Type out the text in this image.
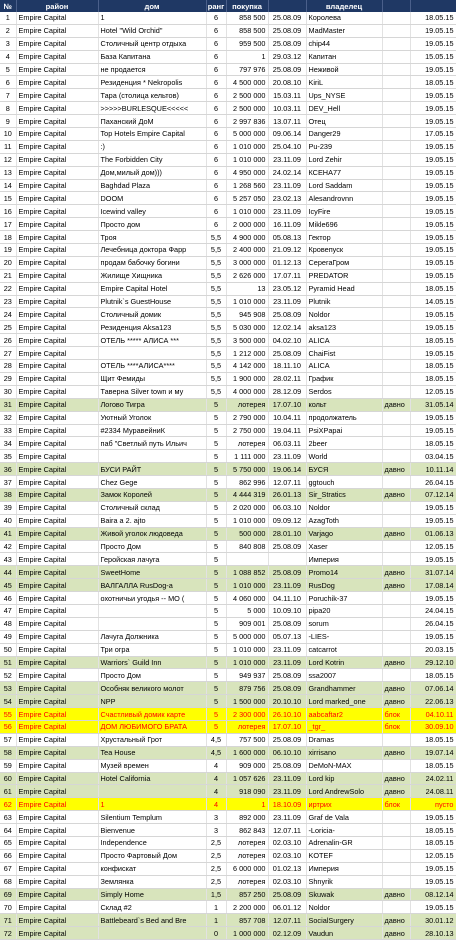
№	район	дом	ранг	покупка		владелец		
1	Empire Capital	1	6	858 500	25.08.09	Королева		18.05.15
2	Empire Capital	Hotel "Wild Orchid"	6	858 500	25.08.09	MadMaster		19.05.15
3	Empire Capital	Столичный центр отдыха	6	959 500	25.08.09	chip44		19.05.15
4	Empire Capital	База Капитана	6	1	29.03.12	Капитан		15.05.15
5	Empire Capital	не продается	6	797 976	25.08.09	Неживой		19.05.15
6	Empire Capital	Резиденция * Nekropolis	6	4 500 000	20.08.10	KiriL		18.05.15
7	Empire Capital	Тара (столица кельтов)	6	2 500 000	15.03.11	Ups_NYSE		19.05.15
8	Empire Capital	>>>>>BURLESQUE<<<<<	6	2 500 000	10.03.11	DEV_Hell		19.05.15
9	Empire Capital	Паханский ДоМ	6	2 997 836	13.07.11	Отец		19.05.15
10	Empire Capital	Top Hotels Empire Capital	6	5 000 000	09.06.14	Danger29		17.05.15
11	Empire Capital	:)	6	1 010 000	25.04.10	Pu-239		19.05.15
12	Empire Capital	The Forbidden City	6	1 010 000	23.11.09	Lord Zehir		19.05.15
13	Empire Capital	Дом,милый дом)))	6	4 950 000	24.02.14	КСЕНА77		19.05.15
14	Empire Capital	Baghdad Plaza	6	1 268 560	23.11.09	Lord Saddam		19.05.15
15	Empire Capital	DOOM	6	5 257 050	23.02.13	Alesandrovnn		19.05.15
16	Empire Capital	Icewind valley	6	1 010 000	23.11.09	IcyFire		19.05.15
17	Empire Capital	Просто дом	6	2 000 000	16.11.09	Mikle696		19.05.15
18	Empire Capital	Троя	5,5	4 900 000	05.08.13	Гектор		19.05.15
19	Empire Capital	Лечебница доктора Фарр	5,5	2 400 000	21.09.12	Кровепуск		19.05.15
20	Empire Capital	продам бабочку богини	5,5	3 000 000	01.12.13	СерегаГром		19.05.15
21	Empire Capital	Жилище Хищника	5,5	2 626 000	17.07.11	PREDATOR		19.05.15
22	Empire Capital	Empire Capital Hotel	5,5	13	23.05.12	Pyramid Head		18.05.15
23	Empire Capital	Plutnik`s GuestHouse	5,5	1 010 000	23.11.09	Plutnik		14.05.15
24	Empire Capital	Столичный домик	5,5	945 908	25.08.09	Noldor		19.05.15
25	Empire Capital	Резиденция Aksa123	5,5	5 030 000	12.02.14	aksa123		19.05.15
26	Empire Capital	ОТЕЛЬ ***** АЛИСА ***	5,5	3 500 000	04.02.10	ALICA		18.05.15
27	Empire Capital		5,5	1 212 000	25.08.09	ChaiFist		19.05.15
28	Empire Capital	ОТЕЛЬ ****АЛИСА****	5,5	4 142 000	18.11.10	ALICA		18.05.15
29	Empire Capital	Щит Фемиды	5,5	1 900 000	28.02.11	График		18.05.15
30	Empire Capital	Таверна Silver town и му	5,5	4 000 000	28.12.09	Serdos		12.05.15
31	Empire Capital	Логово Тигра	5	лотерея	17.07.10	кольт	давно	31.05.14
32	Empire Capital	Уютный Уголок	5	2 790 000	10.04.11	продолжатель		19.05.15
33	Empire Capital	#2334 МуравейниК	5	2 750 000	19.04.11	PsiXPapai		19.05.15
34	Empire Capital	паб "Светлый путь Ильич	5	лотерея	06.03.11	2beer		18.05.15
35	Empire Capital		5	1 111 000	23.11.09	World		03.04.15
36	Empire Capital	БУСИ РАЙТ	5	5 750 000	19.06.14	БУСЯ	давно	10.11.14
37	Empire Capital	Chez Gege	5	862 996	12.07.11	ggtouch		26.04.15
38	Empire Capital	Замок Королей	5	4 444 319	26.01.13	Sir_Stratics	давно	07.12.14
39	Empire Capital	Столичный склад	5	2 020 000	06.03.10	Noldor		19.05.15
40	Empire Capital	Baira a 2. ajto	5	1 010 000	09.09.12	AzagToth		19.05.15
41	Empire Capital	Живой уголок людоведа	5	500 000	28.01.10	Varjago	давно	01.06.13
42	Empire Capital	Просто Дом	5	840 808	25.08.09	Xaser		12.05.15
43	Empire Capital	Геройская лачуга	5			Империя		19.05.15
44	Empire Capital	SweetHome	5	1 088 852	25.08.09	Promo14	давно	31.07.14
45	Empire Capital	ВАЛГАЛЛА RusDog-a	5	1 010 000	23.11.09	RusDog	давно	17.08.14
46	Empire Capital	охотничьи угодья -- МО (	5	4 060 000	04.11.10	Poruchik-37		19.05.15
47	Empire Capital		5	5 000	10.09.10	pipa20		24.04.15
48	Empire Capital		5	909 001	25.08.09	sorum		26.04.15
49	Empire Capital	Лачуга Должника	5	5 000 000	05.07.13	-LIES-		19.05.15
50	Empire Capital	Три огра	5	1 010 000	23.11.09	catcarrot		20.03.15
51	Empire Capital	Warriors` Guild Inn	5	1 010 000	23.11.09	Lord Kotrin	давно	29.12.10
52	Empire Capital	Просто Дом	5	949 937	25.08.09	ssa2007		18.05.15
53	Empire Capital	Особняк великого молот	5	879 756	25.08.09	Grandhammer	давно	07.06.14
54	Empire Capital	NPP	5	1 500 000	20.10.10	Lord marked_one	давно	22.06.13
55	Empire Capital	Счастливый домик карте	5	2 300 000	26.10.10	aabcaftar2	блок	04.10.11
56	Empire Capital	ДОМ ЛЮБИМОГО БРАТА	5	лотерея	17.07.10	_tgr_	блок	30.09.10
57	Empire Capital	Хрустальный Грот	4,5	757 500	25.08.09	Dramas		18.05.15
58	Empire Capital	Tea House	4,5	1 600 000	06.10.10	xirrisano	давно	19.07.14
59	Empire Capital	Музей времен	4	909 000	25.08.09	DeMoN-MAX		18.05.15
60	Empire Capital	Hotel California	4	1 057 626	23.11.09	Lord kip	давно	24.02.11
61	Empire Capital		4	918 090	23.11.09	Lord AndrewSolo	давно	24.08.11
62	Empire Capital	1	4	1	18.10.09	иртрих	блок	пусто
63	Empire Capital	Silentium Templum	3	892 000	23.11.09	Graf de Vala		19.05.15
64	Empire Capital	Bienvenue	3	862 843	12.07.11	-Loricia-		18.05.15
65	Empire Capital	Independence	2,5	лотерея	02.03.10	Adrenalin-GR		18.05.15
66	Empire Capital	Просто Фартовый Дом	2,5	лотерея	02.03.10	KOTEF		12.05.15
67	Empire Capital	конфискат	2,5	6 000 000	01.02.13	Империя		19.05.15
68	Empire Capital	Землянка	2,5	лотерея	02.03.10	Shnyrik		19.05.15
69	Empire Capital	Simply Home	1,5	857 250	25.08.09	Skuwak	давно	08.12.14
70	Empire Capital	Склад #2	1	2 200 000	06.01.12	Noldor		19.05.15
71	Empire Capital	Battlebeard`s Bed and Bre	1	857 708	12.07.11	SocialSurgery	давно	30.01.12
72	Empire Capital		0	1 000 000	02.12.09	Vaudun	давно	28.10.13
